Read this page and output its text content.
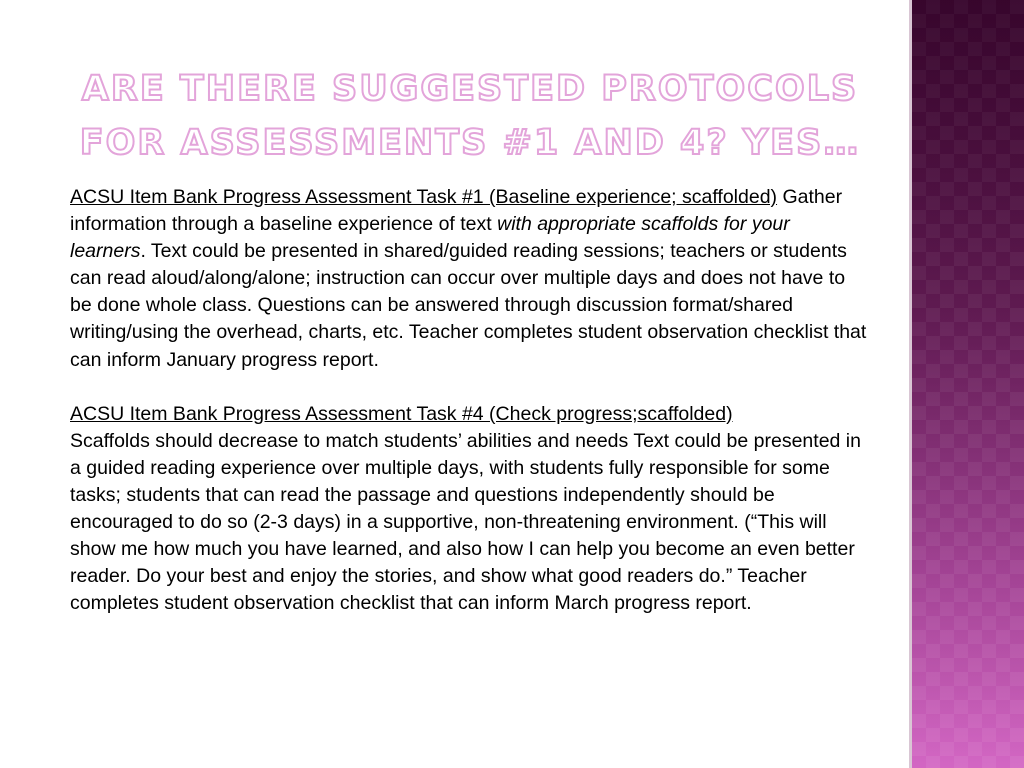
ARE THERE SUGGESTED PROTOCOLS
FOR ASSESSMENTS #1 AND 4? YES…

ACSU Item Bank Progress Assessment Task #1 (Baseline experience; scaffolded) Gather information through a baseline experience of text with appropriate scaffolds for your learners. Text could be presented in shared/guided reading sessions; teachers or students can read aloud/along/alone; instruction can occur over multiple days and does not have to be done whole class. Questions can be answered through discussion format/shared writing/using the overhead, charts, etc. Teacher completes student observation checklist that can inform January progress report.

ACSU Item Bank Progress Assessment Task #4 (Check progress;scaffolded)
Scaffolds should decrease to match students’ abilities and needs Text could be presented in a guided reading experience over multiple days, with students fully responsible for some tasks; students that can read the passage and questions independently should be encouraged to do so (2-3 days) in a supportive, non-threatening environment. (“This will show me how much you have learned, and also how I can help you become an even better reader. Do your best and enjoy the stories, and show what good readers do.” Teacher completes student observation checklist that can inform March progress report.
